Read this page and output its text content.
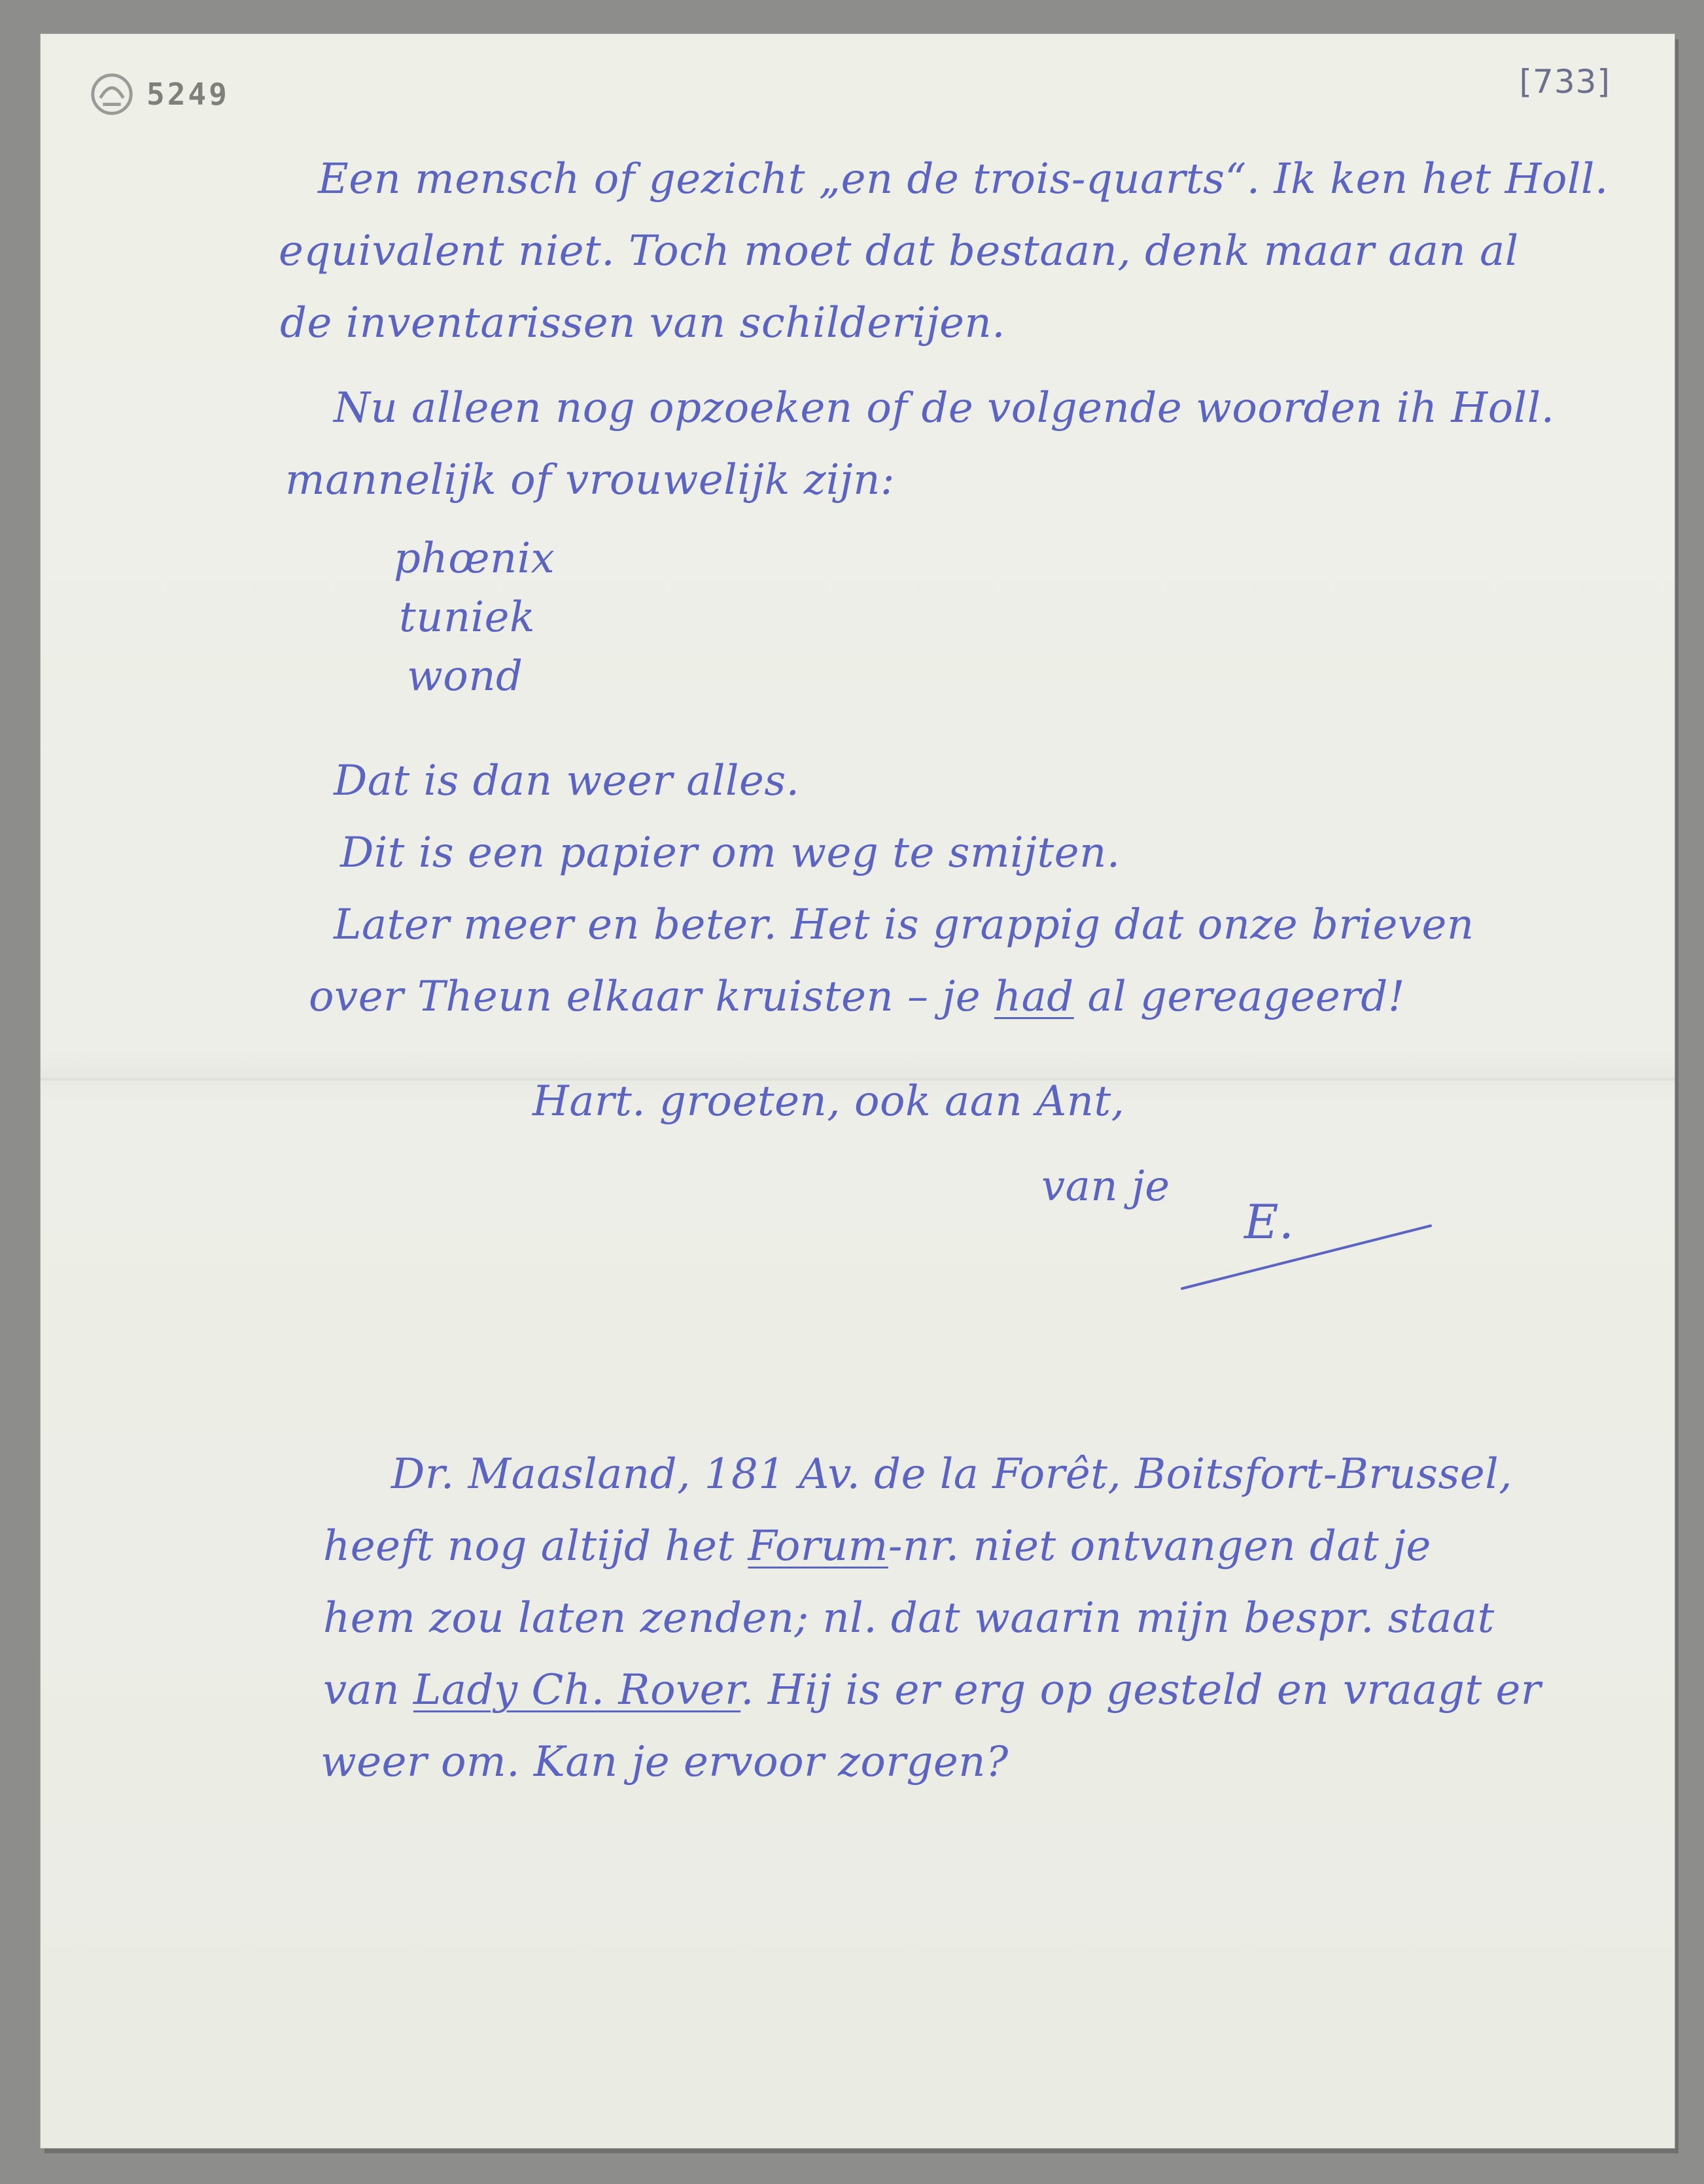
5249	[733]
Een mensch of gezicht „en de trois-quarts“. Ik ken het Holl.
equivalent niet. Toch moet dat bestaan, denk maar aan al
de inventarissen van schilderijen.
Nu alleen nog opzoeken of de volgende woorden ih Holl.
mannelijk of vrouwelijk zijn:
phœnix
tuniek
wond
Dat is dan weer alles.
Dit is een papier om weg te smijten.
Later meer en beter. Het is grappig dat onze brieven
over Theun elkaar kruisten – je had al gereageerd!
Hart. groeten, ook aan Ant,
van je
E.
Dr. Maasland, 181 Av. de la Forêt, Boitsfort-Brussel,
heeft nog altijd het Forum-nr. niet ontvangen dat je
hem zou laten zenden; nl. dat waarin mijn bespr. staat
van Lady Ch. Rover. Hij is er erg op gesteld en vraagt er
weer om. Kan je ervoor zorgen?
